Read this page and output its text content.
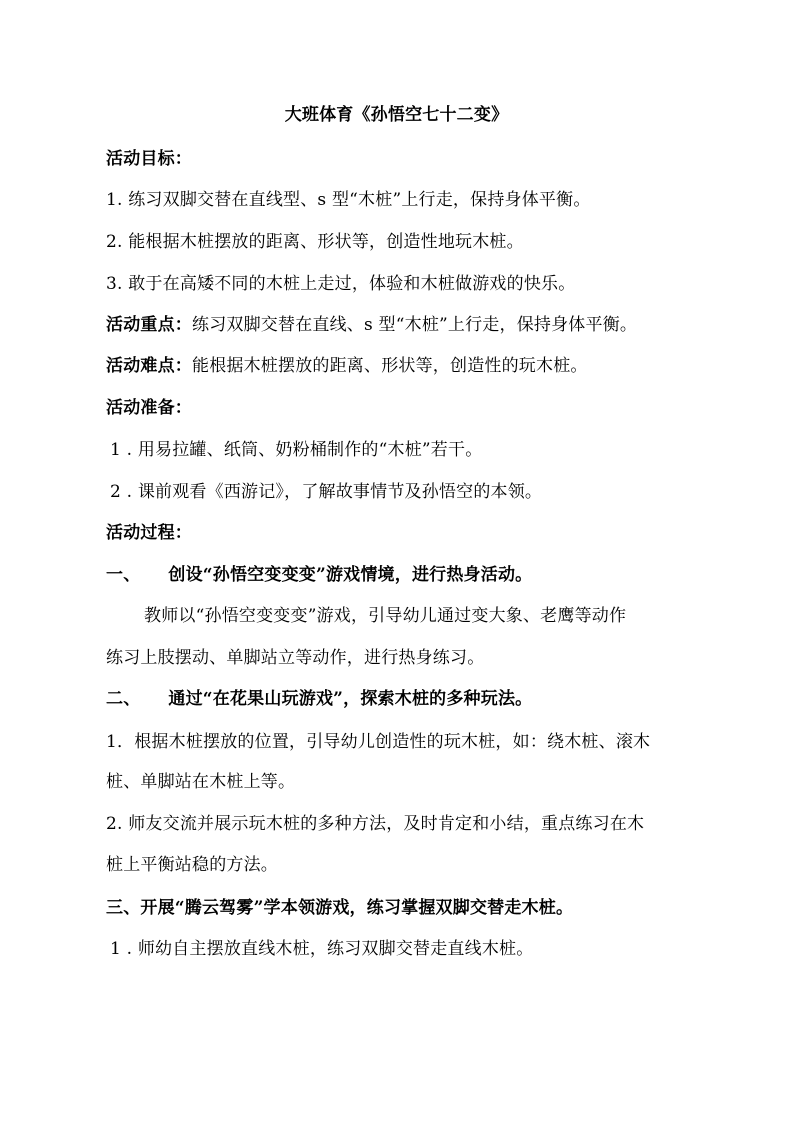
大班体育《孙悟空七十二变》
活动目标：
1. 练习双脚交替在直线型、s 型“木桩”上行走，保持身体平衡。
2. 能根据木桩摆放的距离、形状等，创造性地玩木桩。
3. 敢于在高矮不同的木桩上走过，体验和木桩做游戏的快乐。
活动重点：练习双脚交替在直线、s 型“木桩”上行走，保持身体平衡。
活动难点：能根据木桩摆放的距离、形状等，创造性的玩木桩。
活动准备：
1 . 用易拉罐、纸筒、奶粉桶制作的“木桩”若干。
2 . 课前观看《西游记》，了解故事情节及孙悟空的本领。
活动过程：
一、 创设“孙悟空变变变”游戏情境，进行热身活动。
教师以“孙悟空变变变”游戏，引导幼儿通过变大象、老鹰等动作
练习上肢摆动、单脚站立等动作，进行热身练习。
二、 通过“在花果山玩游戏”，探索木桩的多种玩法。
1．根据木桩摆放的位置，引导幼儿创造性的玩木桩，如：绕木桩、滚木
桩、单脚站在木桩上等。
2. 师友交流并展示玩木桩的多种方法，及时肯定和小结，重点练习在木
桩上平衡站稳的方法。
三、开展“腾云驾雾”学本领游戏，练习掌握双脚交替走木桩。
1 . 师幼自主摆放直线木桩，练习双脚交替走直线木桩。
